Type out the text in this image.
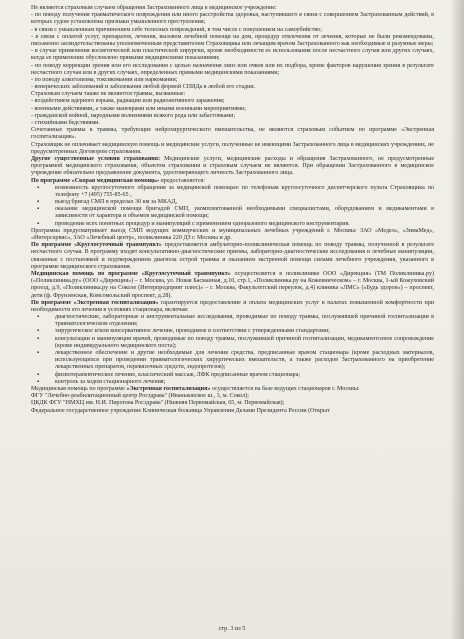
Не являются страховым случаем обращения Застрахованного лица в медицинское учреждение:

- по поводу получения травматического повреждения или иного расстройства здоровья, наступившего в связи с совершением Застрахованным действий, в которых судом установлены признаки умышленного преступления;

- в связи с умышленным причинением себе телесных повреждений, в том числе с покушением на самоубийство;

- в связи с оплатой услуг, препаратов, лечения, вызовом лечебной помощи на дом, процедур отвлечения от лечения, которые не были рекомендованы, письменно засвидетельствованы уполномоченным представителем Страховщика или лечащим врачом Застрахованного как необходимые и разумные меры;

- в случае применения косметической или пластической хирургии, кроме необходимости ее использования после несчастного случая или других случаях, когда ее применение обусловлено прямыми медицинскими показаниями;

- по поводу коррекции зрения или его исследования с целью назначения линз или очков или их подбора, кроме факторов нарушения зрения в результате несчастного случая или в других случаях, определенных прямыми медицинскими показаниями;

- по поводу алкоголизма, токсикомании или наркомании;

- венерических заболеваний и заболевания любой формой СПИДа в любой его стадии.

Страховым случаем также не являются травмы, вызванные:

- воздействием ядерного взрыва, радиации или радиоактивного заражения;

- военными действиями, а также маневрами или иными военными мероприятиями;

- гражданской войной, народными волнениями всякого рода или забастовками;

- стихийными бедствиями.

Сочетанные травмы к травмы, требующие нейрохирургического вмешательства, не являются страховым событием по программе «Экстренная госпитализация».

Страховщик не оплачивает медицинскую помощь и медицинские услуги, полученные не имеющими Застрахованного лица в медицинских учреждениях, не предусмотренных Договором страхования.

Другие существенные условия страхования: Медицинские услуги, медицинские расходы и обращения Застрахованного, не предусмотренные программой медицинского страхования, объектом страхования и страховым случаем не являются. При обращении Застрахованного в медицинское учреждение обязательно предъявление документа, удостоверяющего личность Застрахованного лица.

По программе «Скорая медицинская помощь» предоставляется:

▪ возможность круглосуточного обращения за медицинской помощью по телефонам круглосуточного диспетчерского пульта Страховщика по телефону +7 (495) 755-85-65 ,

▪ выезд бригад СМП в пределах 30 км за МКАД,

▪ оказание медицинской помощи бригадой СМП, укомплектованной необходимыми специалистами, оборудованием и медикаментами в зависимости от характера и объемов медицинской помощи;

▪ проведение всех понятных процедур и манипуляций с применением одноразового медицинского инструментария.

Программа предусматривает выезд СМП ведущих коммерческих и муниципальных лечебных учреждений г. Москвы: ЗАО «Медел», «ЗимаМед», «Интерсервис», ЗАО «Лечебный центр», поликлиника 220 ДЗ г. Москвы и др.

По программе «Круглосуточный травмпункт» предоставляется амбулаторно-поликлиническая помощь по поводу травмы, полученной в результате несчастного случая. В программу входят консультативно-диагностические приемы, лабораторно-диагностические исследования и лечебные манипуляции, связанные с постановкой и подтверждением диагноза острой травмы и оказанием экстренной помощи силами лечебного учреждения, указанного в программе медицинского страхования.

Медицинская помощь по программе «Круглосуточный травмпункт» осуществляется в поликлинике ООО «Дирекция» (ТМ Поликлиника.ру) («Поликлиника.ру» (ООО «Дирекция») – г. Москва, ул. Новая Басманная, д.10, стр.1, «Поликлиника.ру на Кожевническом» – г. Москва, 1-ый Кожуховский проезд, д.9, «Поликлиника.ру на Соколе (Интерпредприят плюс)» – г. Москва, Факультетский переулок, д.4) клиника «ЛМС» («Будь здоров») – проспект, дети (ф. Фрунзенская, Комсомольский проспект, д.28).

По программе «Экстренная госпитализация» гарантируется предоставление и оплата медицинских услуг в палатах повышенной комфортности при необходимости его лечения в условиях стационара, включая:

▪ диагностические, лабораторные и инструментальные исследования, проводимые по поводу травмы, послужившей причиной госпитализации в травматологическом отделении;

▪ хирургическое и/или консервативное лечение, проводимое в соответствии с утвержденными стандартами;

▪ консультации и манипуляции врачей, проводимые по поводу травмы, послужившей причиной госпитализации, медикаментозное сопровождение (кроме индивидуального медицинского поста);

▪ лекарственное обеспечение и другие необходимые для лечения средства, предписанные врачом стационара (кроме расходных материалов, использующихся при проведении травматологических хирургических вмешательств, а также расходов Застрахованного на приобретение лекарственных препаратов, перевязочных средств, эндопротезов);

▪ физиотерапевтическое лечение, классический массаж, ЛФК предписанные врачом стационара;

▪ контроль за ходом стационарного лечения;

Медицинская помощь по программе «Экстренная госпитализация» осуществляется на базе ведущих стационаров г. Москвы:

ФГУ "Лечебно-реабилитационный центр Росздрава" (Иваньковское ш., 3, м. Сокол);

ЦКДК ФГУ "НМХЦ им. Н.И. Пирогова Росздрава" (Нижняя Первомайская, 65, м. Первомайская);

Федеральное государственное учреждение Клиническая больница Управления Делами Президента России (Открыт

стр. 3 из 5
